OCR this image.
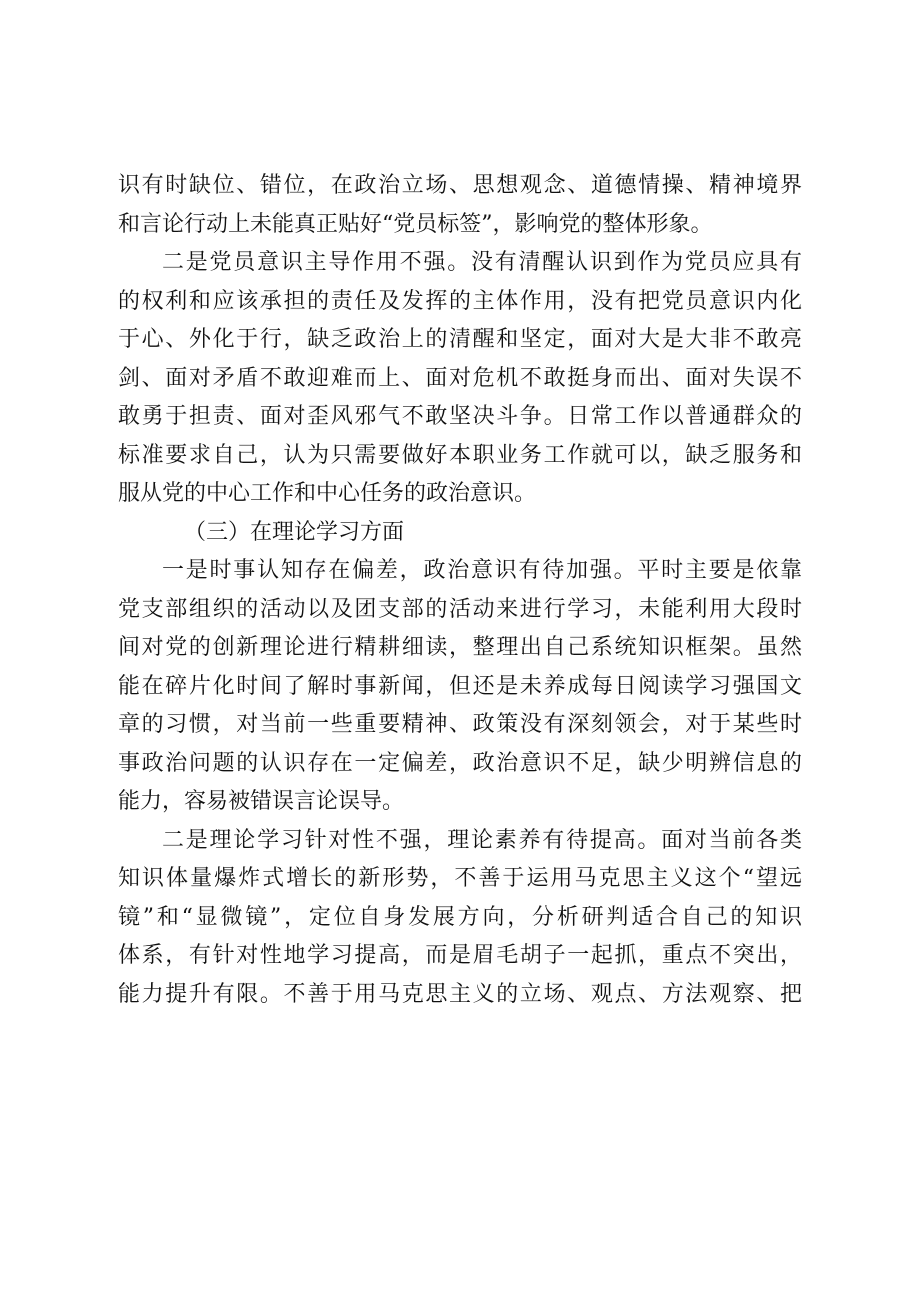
识有时缺位、错位，在政治立场、思想观念、道德情操、精神境界
和言论行动上未能真正贴好“党员标签”，影响党的整体形象。
二是党员意识主导作用不强。没有清醒认识到作为党员应具有
的权利和应该承担的责任及发挥的主体作用，没有把党员意识内化
于心、外化于行，缺乏政治上的清醒和坚定，面对大是大非不敢亮
剑、面对矛盾不敢迎难而上、面对危机不敢挺身而出、面对失误不
敢勇于担责、面对歪风邪气不敢坚决斗争。日常工作以普通群众的
标准要求自己，认为只需要做好本职业务工作就可以，缺乏服务和
服从党的中心工作和中心任务的政治意识。
（三）在理论学习方面
一是时事认知存在偏差，政治意识有待加强。平时主要是依靠
党支部组织的活动以及团支部的活动来进行学习，未能利用大段时
间对党的创新理论进行精耕细读，整理出自己系统知识框架。虽然
能在碎片化时间了解时事新闻，但还是未养成每日阅读学习强国文
章的习惯，对当前一些重要精神、政策没有深刻领会，对于某些时
事政治问题的认识存在一定偏差，政治意识不足，缺少明辨信息的
能力，容易被错误言论误导。
二是理论学习针对性不强，理论素养有待提高。面对当前各类
知识体量爆炸式增长的新形势，不善于运用马克思主义这个“望远
镜”和“显微镜”，定位自身发展方向，分析研判适合自己的知识
体系，有针对性地学习提高，而是眉毛胡子一起抓，重点不突出，
能力提升有限。不善于用马克思主义的立场、观点、方法观察、把
